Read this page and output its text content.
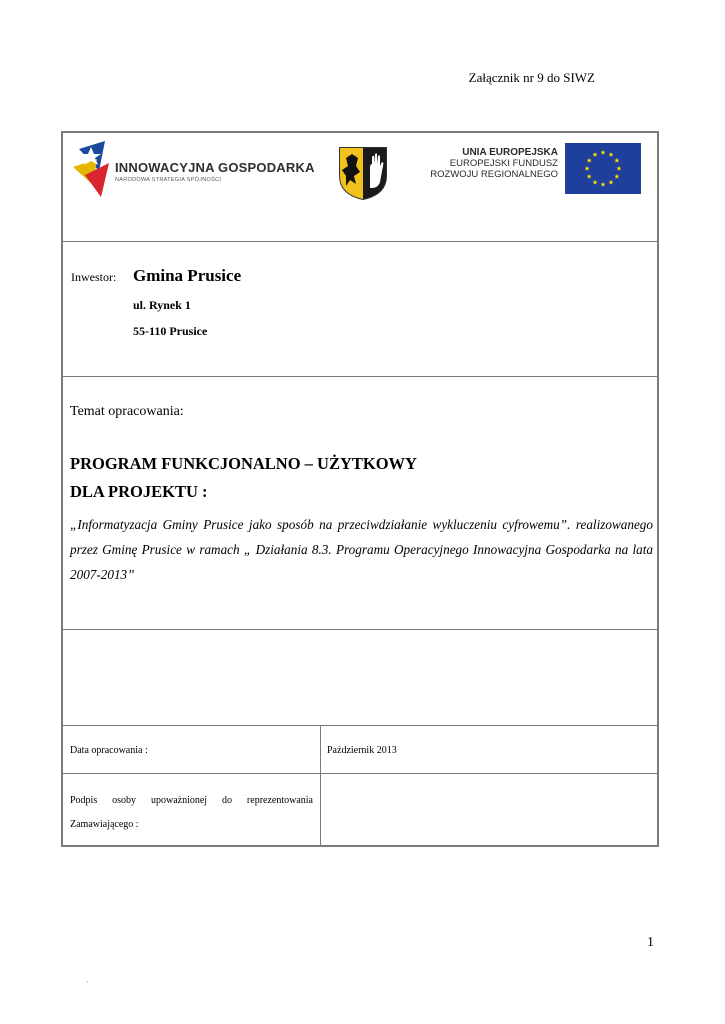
Załącznik nr 9 do SIWZ
INNOWACYJNA GOSPODARKA
NARODOWA STRATEGIA SPÓJNOŚCI
UNIA EUROPEJSKA
EUROPEJSKI FUNDUSZ
ROZWOJU REGIONALNEGO
Inwestor: Gmina Prusice
ul. Rynek 1
55-110 Prusice
Temat opracowania:
PROGRAM FUNKCJONALNO – UŻYTKOWY
DLA PROJEKTU :

„Informatyzacja Gminy Prusice jako sposób na przeciwdziałanie wykluczeniu cyfrowemu”. realizowanego przez Gminę Prusice w ramach „ Działania 8.3. Programu Operacyjnego Innowacyjna Gospodarka na lata 2007-2013”

Data opracowania :	Październik 2013

Podpis osoby upoważnionej do reprezentowania Zamawiającego :

1
`
